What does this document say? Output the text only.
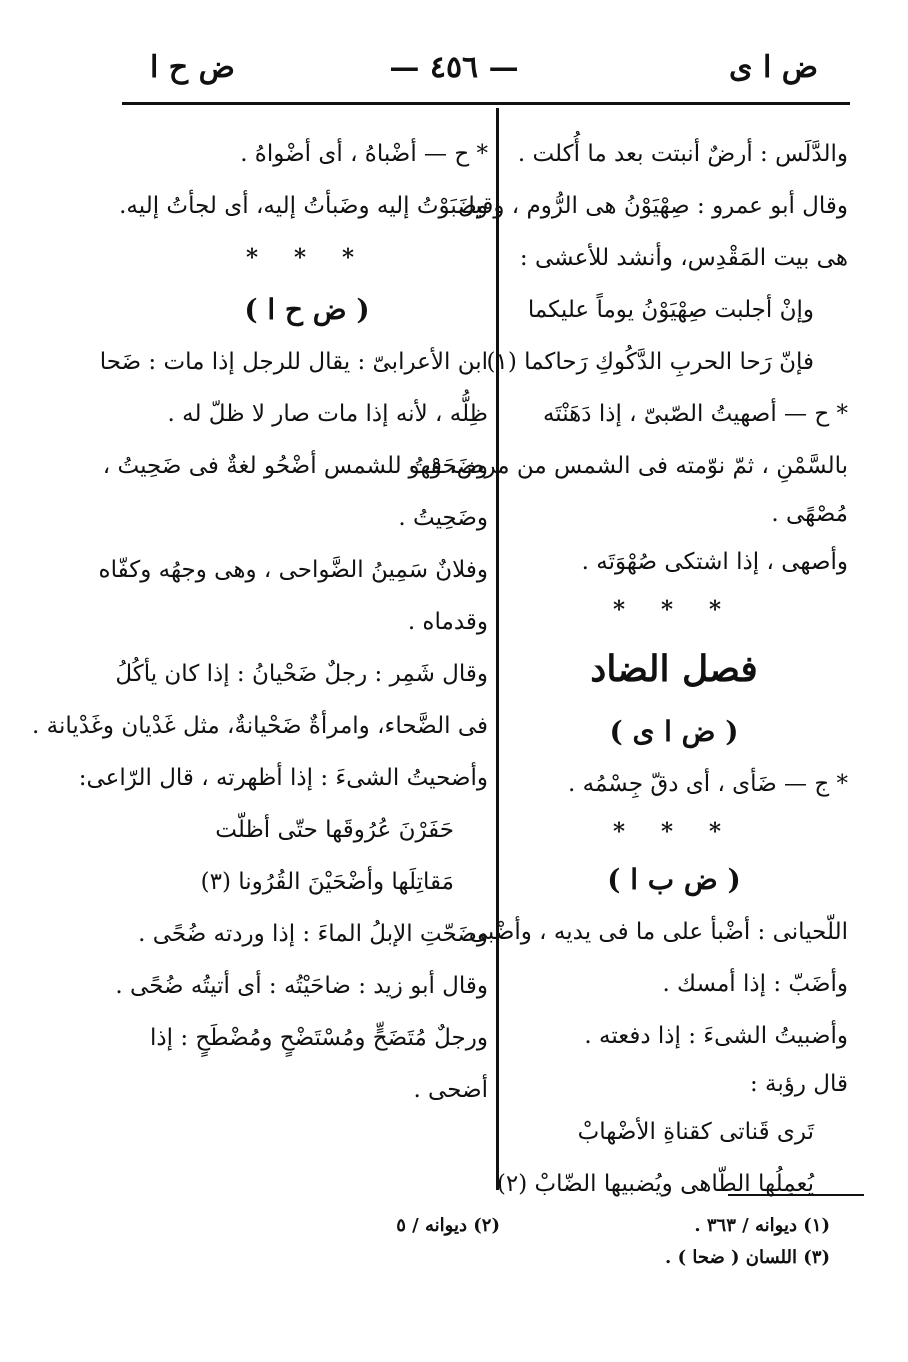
ض ا ى
— ٤٥٦ —
ض ح ا
والدَّلَس : أرضٌ أنبتت بعد ما أُكلت .
وقال أبو عمرو : صِهْيَوْنُ هى الرُّوم ، وقيل
هى بيت المَقْدِس، وأنشد للأعشى :
وإنْ أجلبت صِهْيَوْنُ يوماً عليكما
فإنّ رَحا الحربِ الدَّكُوكِ رَحاكما (١)
* ح — أصهيتُ الصّبىّ ، إذا دَهَنْتَه
بالسَّمْنِ ، ثمّ نوّمته فى الشمس من مرض، فهو
مُصْهًى .
وأصهى ، إذا اشتكى صُهْوَتَه .
* * *
فصل الضاد
( ض ا ى )
* ج — ضَأى ، أى دقّ جِسْمُه .
* * *
( ض ب ا )
اللّحيانى : أضْبأ على ما فى يديه ، وأضْبى
وأضَبّ : إذا أمسك .
وأضبيتُ الشىءَ : إذا دفعته .
قال رؤبة :
تَرى قَناتى كقناةِ الأضْهابْ
يُعمِلُها الطّاهى ويُضبيها الضّابْ (٢)
* ح — أضْباهُ ، أى أضْواهُ .
وضَبَوْتُ إليه وضَبأتُ إليه، أى لجأتُ إليه.
* * *
( ض ح ا )
ابن الأعرابىّ : يقال للرجل إذا مات : ضَحا
ظِلُّه ، لأنه إذا مات صار لا ظلّ له .
وضَحَوْتُ للشمس أضْحُو لغةٌ فى ضَحِيتُ ،
وضَحِيتُ .
وفلانٌ سَمِينُ الضَّواحى ، وهى وجهُه وكفّاه
وقدماه .
وقال شَمِر : رجلٌ ضَحْيانُ : إذا كان يأكُلُ
فى الضَّحاء، وامرأةٌ ضَحْيانةٌ، مثل غَدْيان وغَدْيانة .
وأضحيتُ الشىءَ : إذا أظهرته ، قال الرّاعى:
حَفَرْنَ عُرُوقَها حتّى أظلّت
مَقاتِلَها وأضْحَيْنَ القُرُونا (٣)
وضَحّتِ الإبلُ الماءَ : إذا وردته ضُحًى .
وقال أبو زيد : ضاحَيْتُه : أى أتيتُه ضُحًى .
ورجلٌ مُتَضَحٍّ ومُسْتَضْحٍ ومُضْطَحٍ : إذا
أضحى .
(١) ديوانه / ٣٦٣ .
(٣) اللسان ( ضحا ) .
(٢) ديوانه / ٥
